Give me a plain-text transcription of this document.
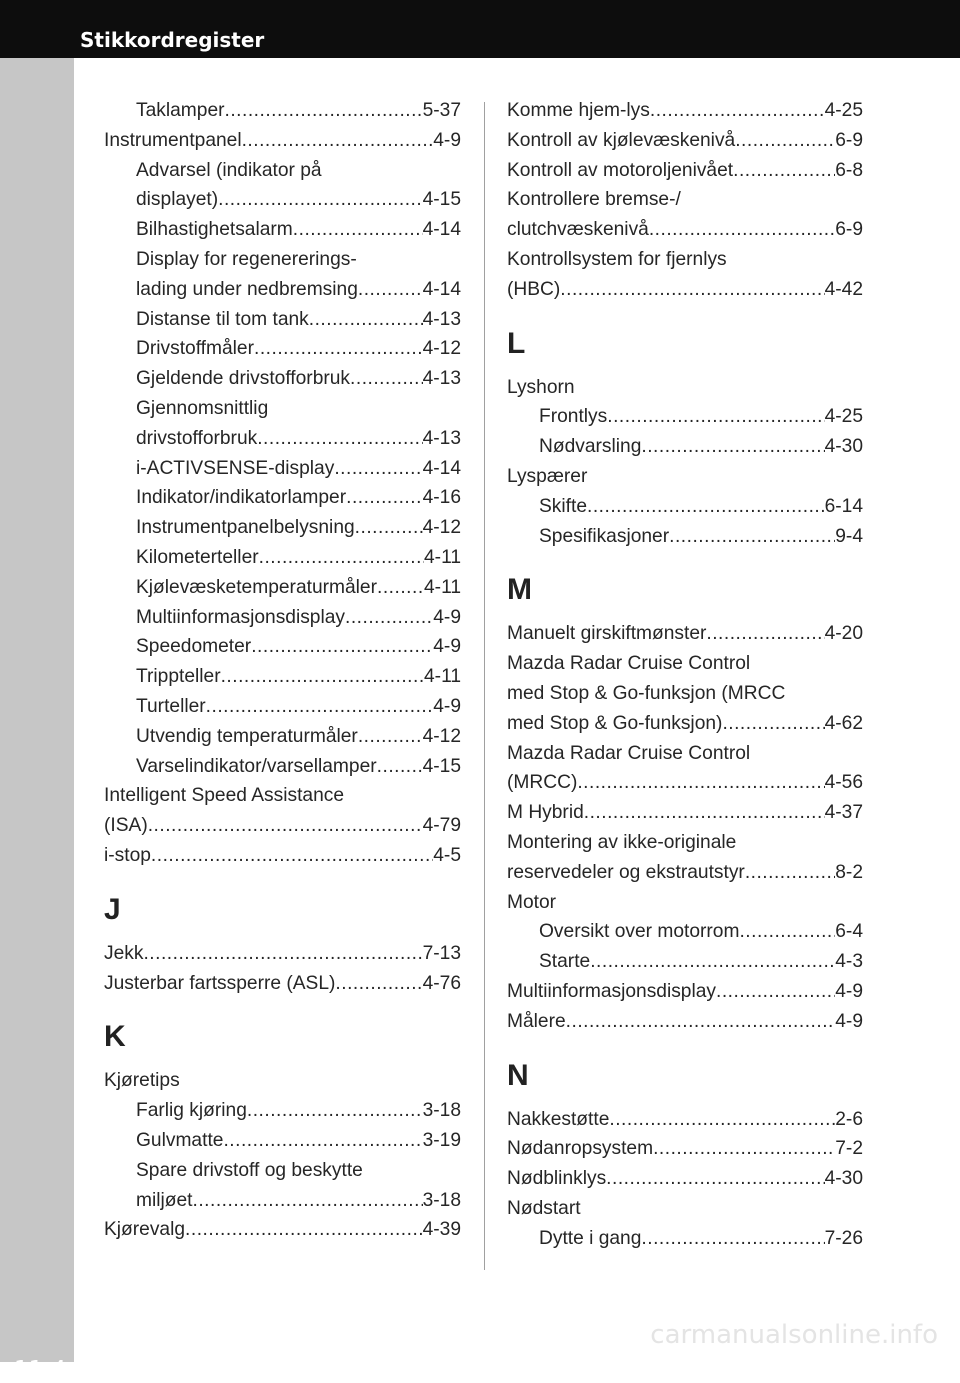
Stikkordregister
11-4
Taklamper .....	5-37
Instrumentpanel .....	4-9
Advarsel (indikator på
displayet) .....	4-15
Bilhastighetsalarm .....	4-14
Display for regenererings-
lading under nedbremsing .....	4-14
Distanse til tom tank .....	4-13
Drivstoffmåler .....	4-12
Gjeldende drivstofforbruk .....	4-13
Gjennomsnittlig
drivstofforbruk .....	4-13
i-ACTIVSENSE-display .....	4-14
Indikator/indikatorlamper .....	4-16
Instrumentpanelbelysning .....	4-12
Kilometerteller .....	4-11
Kjølevæsketemperaturmåler ..... 4-11
Multiinformasjonsdisplay .....	4-9
Speedometer .....	4-9
Trippteller .....	4-11
Turteller .....	4-9
Utvendig temperaturmåler .....	4-12
Varselindikator/varsellamper ..... 4-15
Intelligent Speed Assistance
(ISA) .....	4-79
i-stop .....	4-5
J
Jekk .....	7-13
Justerbar fartssperre (ASL) .....	4-76
K
Kjøretips
Farlig kjøring .....	3-18
Gulvmatte .....	3-19
Spare drivstoff og beskytte
miljøet .....	3-18
Kjørevalg .....	4-39
Komme hjem-lys .....	4-25
Kontroll av kjølevæskenivå .....	6-9
Kontroll av motoroljenivået .....	6-8
Kontrollere bremse-/
clutchvæskenivå .....	6-9
Kontrollsystem for fjernlys
(HBC) .....	4-42
L
Lyshorn
Frontlys .....	4-25
Nødvarsling .....	4-30
Lyspærer
Skifte .....	6-14
Spesifikasjoner .....	9-4
M
Manuelt girskiftmønster .....	4-20
Mazda Radar Cruise Control
med Stop & Go-funksjon (MRCC
med Stop & Go-funksjon) .....	4-62
Mazda Radar Cruise Control
(MRCC) .....	4-56
M Hybrid .....	4-37
Montering av ikke-originale
reservedeler og ekstrautstyr .....	8-2
Motor
Oversikt over motorrom .....	6-4
Starte .....	4-3
Multiinformasjonsdisplay .....	4-9
Målere .....	4-9
N
Nakkestøtte .....	2-6
Nødanropsystem .....	7-2
Nødblinklys .....	4-30
Nødstart
Dytte i gang .....	7-26
carmanualsonline.info
